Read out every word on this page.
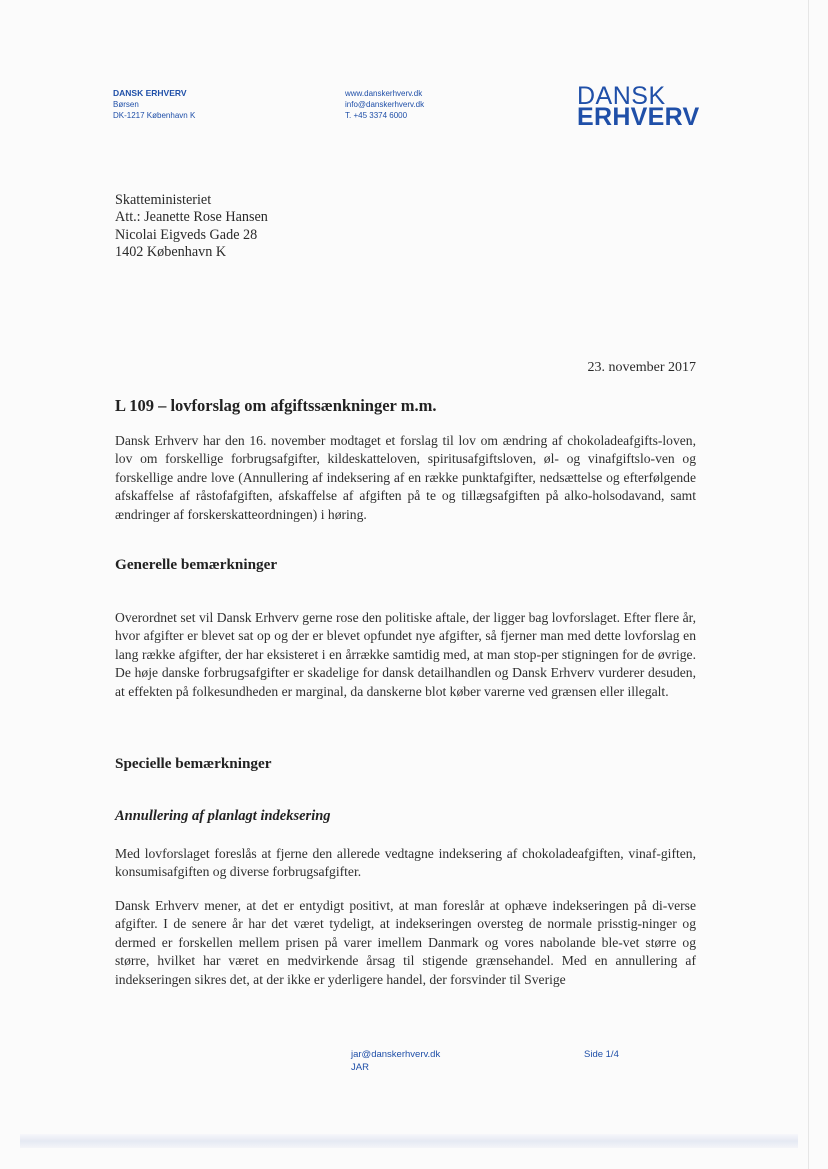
DANSK ERHVERV
Børsen
DK-1217 København K
www.danskerhverv.dk
info@danskerhverv.dk
T. +45 3374 6000
DANSK
ERHVERV
Skatteministeriet
Att.: Jeanette Rose Hansen
Nicolai Eigveds Gade 28
1402 København K
23. november 2017
L 109 – lovforslag om afgiftssænkninger m.m.
Dansk Erhverv har den 16. november modtaget et forslag til lov om ændring af chokoladeafgifts-loven, lov om forskellige forbrugsafgifter, kildeskatteloven, spiritusafgiftsloven, øl- og vinafgiftslo-ven og forskellige andre love (Annullering af indeksering af en række punktafgifter, nedsættelse og efterfølgende afskaffelse af råstofafgiften, afskaffelse af afgiften på te og tillægsafgiften på alko-holsodavand, samt ændringer af forskerskatteordningen) i høring.
Generelle bemærkninger
Overordnet set vil Dansk Erhverv gerne rose den politiske aftale, der ligger bag lovforslaget. Efter flere år, hvor afgifter er blevet sat op og der er blevet opfundet nye afgifter, så fjerner man med dette lovforslag en lang række afgifter, der har eksisteret i en årrække samtidig med, at man stop-per stigningen for de øvrige. De høje danske forbrugsafgifter er skadelige for dansk detailhandlen og Dansk Erhverv vurderer desuden, at effekten på folkesundheden er marginal, da danskerne blot køber varerne ved grænsen eller illegalt.
Specielle bemærkninger
Annullering af planlagt indeksering
Med lovforslaget foreslås at fjerne den allerede vedtagne indeksering af chokoladeafgiften, vinaf-giften, konsumisafgiften og diverse forbrugsafgifter.
Dansk Erhverv mener, at det er entydigt positivt, at man foreslår at ophæve indekseringen på di-verse afgifter. I de senere år har det været tydeligt, at indekseringen oversteg de normale prisstig-ninger og dermed er forskellen mellem prisen på varer imellem Danmark og vores nabolande ble-vet større og større, hvilket har været en medvirkende årsag til stigende grænsehandel. Med en annullering af indekseringen sikres det, at der ikke er yderligere handel, der forsvinder til Sverige
jar@danskerhverv.dk
JAR
Side 1/4
